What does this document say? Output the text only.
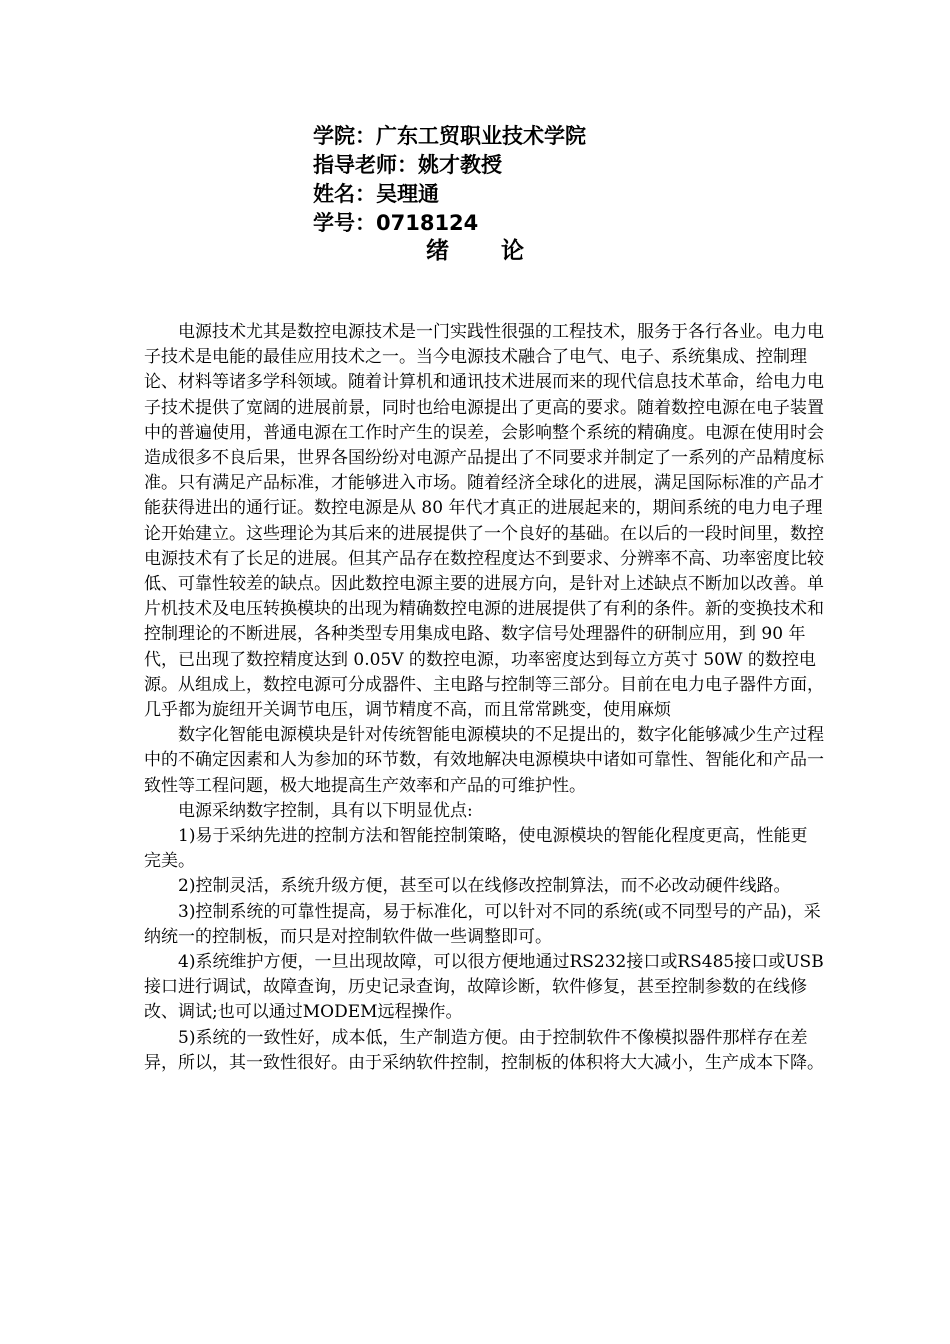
学院：广东工贸职业技术学院
指导老师：姚才教授
姓名：吴理通
学号：0718124
绪论

电源技术尤其是数控电源技术是一门实践性很强的工程技术，服务于各行各业。电力电子技术是电能的最佳应用技术之一。当今电源技术融合了电气、电子、系统集成、控制理论、材料等诸多学科领域。随着计算机和通讯技术进展而来的现代信息技术革命，给电力电子技术提供了宽阔的进展前景，同时也给电源提出了更高的要求。随着数控电源在电子装置中的普遍使用，普通电源在工作时产生的误差，会影响整个系统的精确度。电源在使用时会造成很多不良后果，世界各国纷纷对电源产品提出了不同要求并制定了一系列的产品精度标准。只有满足产品标准，才能够进入市场。随着经济全球化的进展，满足国际标准的产品才能获得进出的通行证。数控电源是从 80 年代才真正的进展起来的，期间系统的电力电子理论开始建立。这些理论为其后来的进展提供了一个良好的基础。在以后的一段时间里，数控电源技术有了长足的进展。但其产品存在数控程度达不到要求、分辨率不高、功率密度比较低、可靠性较差的缺点。因此数控电源主要的进展方向，是针对上述缺点不断加以改善。单片机技术及电压转换模块的出现为精确数控电源的进展提供了有利的条件。新的变换技术和控制理论的不断进展，各种类型专用集成电路、数字信号处理器件的研制应用，到 90 年代，已出现了数控精度达到 0.05V 的数控电源，功率密度达到每立方英寸 50W 的数控电源。从组成上，数控电源可分成器件、主电路与控制等三部分。目前在电力电子器件方面，几乎都为旋纽开关调节电压，调节精度不高，而且常常跳变，使用麻烦

数字化智能电源模块是针对传统智能电源模块的不足提出的，数字化能够减少生产过程中的不确定因素和人为参加的环节数，有效地解决电源模块中诸如可靠性、智能化和产品一致性等工程问题，极大地提高生产效率和产品的可维护性。

电源采纳数字控制，具有以下明显优点:

1)易于采纳先进的控制方法和智能控制策略，使电源模块的智能化程度更高，性能更完美。

2)控制灵活，系统升级方便，甚至可以在线修改控制算法，而不必改动硬件线路。

3)控制系统的可靠性提高，易于标准化，可以针对不同的系统(或不同型号的产品)，采纳统一的控制板，而只是对控制软件做一些调整即可。

4)系统维护方便，一旦出现故障，可以很方便地通过RS232接口或RS485接口或USB接口进行调试，故障查询，历史记录查询，故障诊断，软件修复，甚至控制参数的在线修改、调试;也可以通过MODEM远程操作。

5)系统的一致性好，成本低，生产制造方便。由于控制软件不像模拟器件那样存在差异，所以，其一致性很好。由于采纳软件控制，控制板的体积将大大减小，生产成本下降。
